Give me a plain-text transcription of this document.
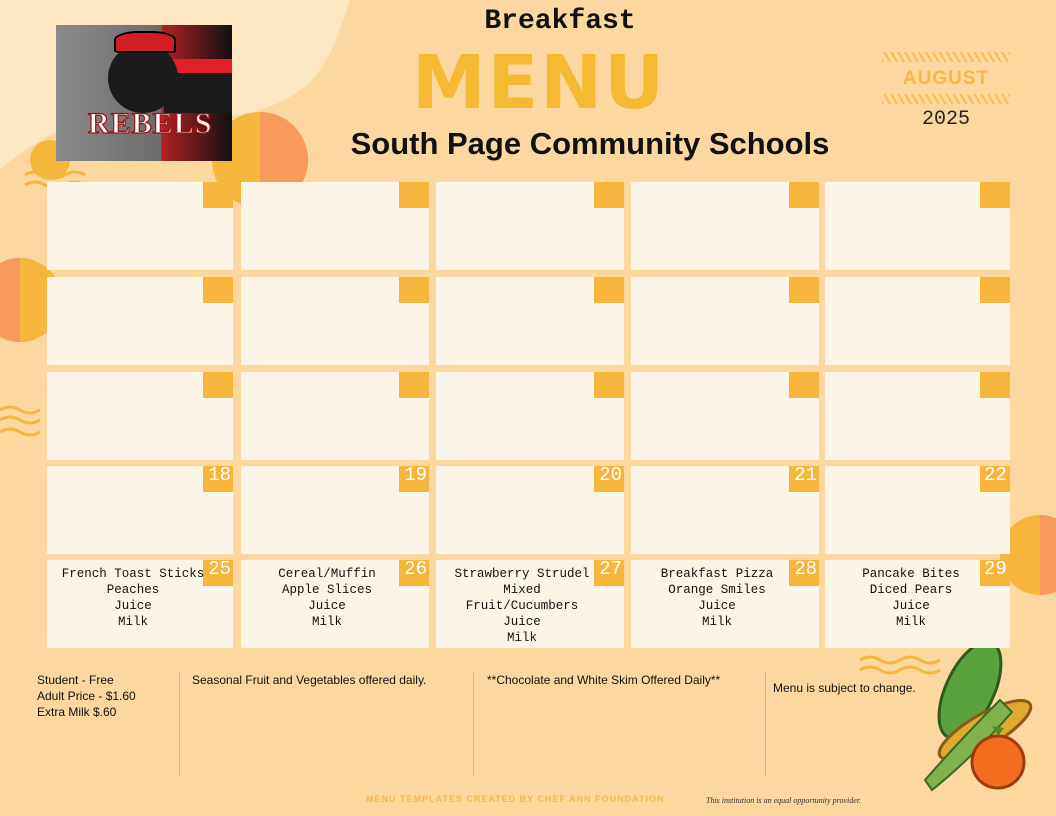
REBELS
Breakfast
MENU
South Page Community Schools
AUGUST
2025
18	19	20	21	22
25
French Toast Sticks
Peaches
Juice
Milk
26
Cereal/Muffin
Apple Slices
Juice
Milk
27
Strawberry Strudel
Mixed
Fruit/Cucumbers
Juice
Milk
28
Breakfast Pizza
Orange Smiles
Juice
Milk
29
Pancake Bites
Diced Pears
Juice
Milk
Student - Free
Adult Price - $1.60
Extra Milk $.60
Seasonal Fruit and Vegetables offered daily.	**Chocolate and White Skim Offered Daily**
Menu is subject to change.
MENU TEMPLATES CREATED BY CHEF ANN FOUNDATION	This institution is an equal opportunity provider.
